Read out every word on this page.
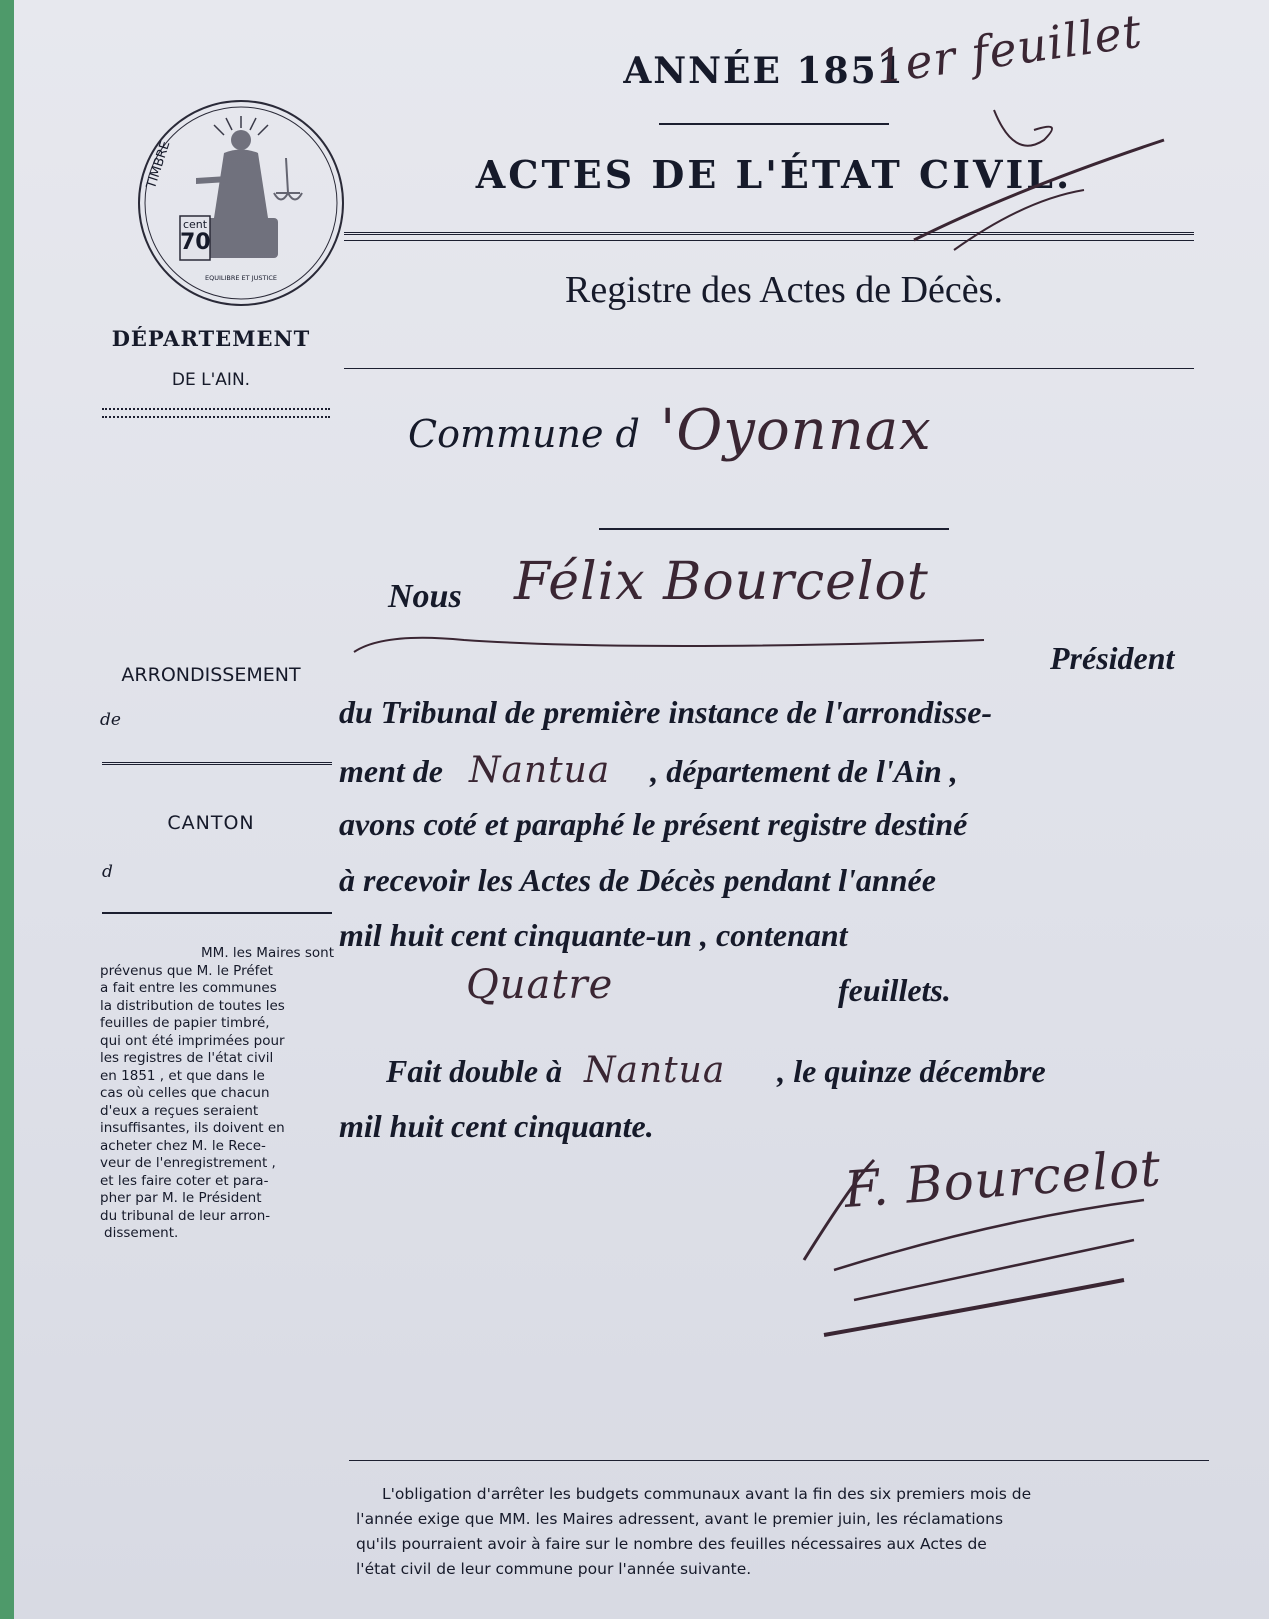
TIMBRE
cent
70
EQUILIBRE ET JUSTICE
ANNÉE 1851
ACTES DE L'ÉTAT CIVIL.
Registre des Actes de Décès.
1er feuillet
DÉPARTEMENT
DE L'AIN.
ARRONDISSEMENT
de
CANTON
d
MM. les Maires sont
prévenus que M. le Préfet
a fait entre les communes
la distribution de toutes les
feuilles de papier timbré,
qui ont été imprimées pour
les registres de l'état civil
en 1851 , et que dans le
cas où celles que chacun
d'eux a reçues seraient
insuffisantes, ils doivent en
acheter chez M. le Rece-
veur de l'enregistrement ,
et les faire coter et para-
pher par M. le Président
du tribunal de leur arron-
dissement.
Commune d 'Oyonnax
Nous Félix Bourcelot
Président
du Tribunal de première instance de l'arrondisse-
ment de Nantua , département de l'Ain ,
avons coté et paraphé le présent registre destiné
à recevoir les Actes de Décès pendant l'année
mil huit cent cinquante-un , contenant
Quatre	feuillets.
Fait double à Nantua , le quinze décembre
mil huit cent cinquante.
F. Bourcelot
L'obligation d'arrêter les budgets communaux avant la fin des six premiers mois de
l'année exige que MM. les Maires adressent, avant le premier juin, les réclamations
qu'ils pourraient avoir à faire sur le nombre des feuilles nécessaires aux Actes de
l'état civil de leur commune pour l'année suivante.
